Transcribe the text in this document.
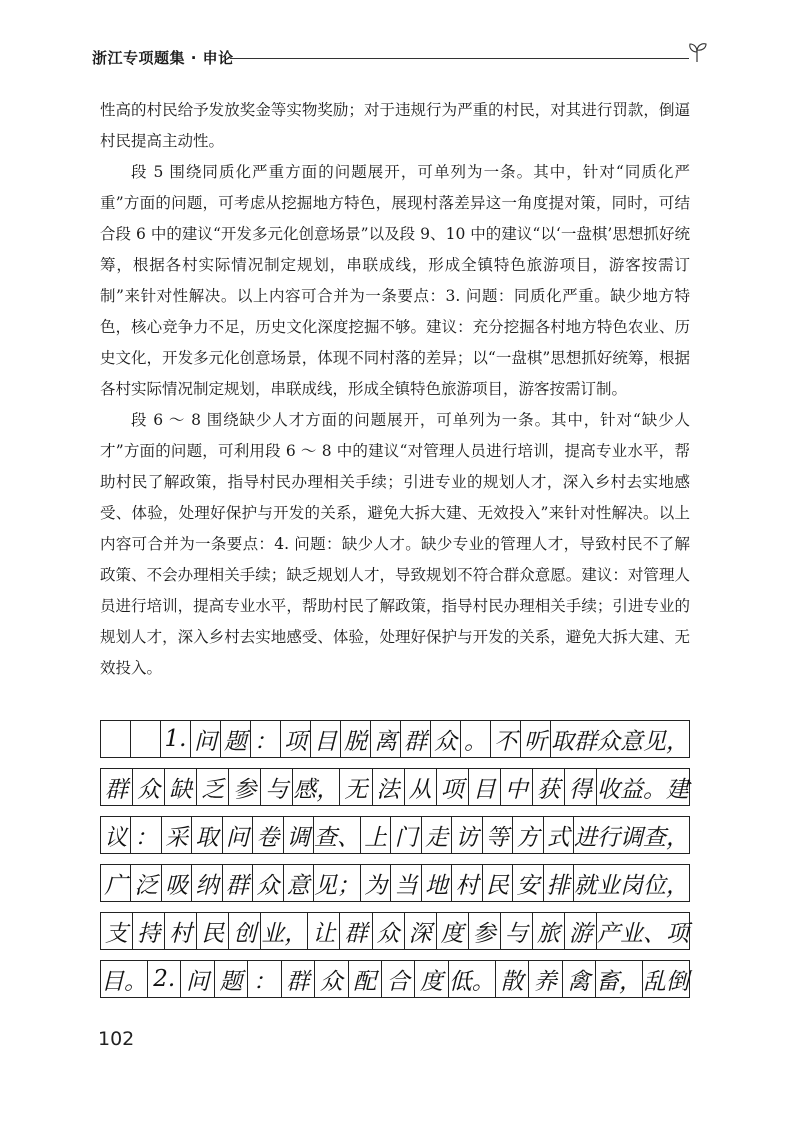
浙江专项题集 · 申论

性高的村民给予发放奖金等实物奖励；对于违规行为严重的村民，对其进行罚款，倒逼村民提高主动性。

段 5 围绕同质化严重方面的问题展开，可单列为一条。其中，针对“同质化严重”方面的问题，可考虑从挖掘地方特色，展现村落差异这一角度提对策，同时，可结合段 6 中的建议“开发多元化创意场景”以及段 9、10 中的建议“以‘一盘棋’思想抓好统筹，根据各村实际情况制定规划，串联成线，形成全镇特色旅游项目，游客按需订制”来针对性解决。以上内容可合并为一条要点：3. 问题：同质化严重。缺少地方特色，核心竞争力不足，历史文化深度挖掘不够。建议：充分挖掘各村地方特色农业、历史文化，开发多元化创意场景，体现不同村落的差异；以“一盘棋”思想抓好统筹，根据各村实际情况制定规划，串联成线，形成全镇特色旅游项目，游客按需订制。

段 6 ～ 8 围绕缺少人才方面的问题展开，可单列为一条。其中，针对“缺少人才”方面的问题，可利用段 6 ～ 8 中的建议“对管理人员进行培训，提高专业水平，帮助村民了解政策，指导村民办理相关手续；引进专业的规划人才，深入乡村去实地感受、体验，处理好保护与开发的关系，避免大拆大建、无效投入”来针对性解决。以上内容可合并为一条要点：4. 问题：缺少人才。缺少专业的管理人才，导致村民不了解政策、不会办理相关手续；缺乏规划人才，导致规划不符合群众意愿。建议：对管理人员进行培训，提高专业水平，帮助村民了解政策，指导村民办理相关手续；引进专业的规划人才，深入乡村去实地感受、体验，处理好保护与开发的关系，避免大拆大建、无效投入。

1. 问 题 ： 项 目 脱 离 群 众 。 不 听 取 群 众 意 见，
群 众 缺 乏 参 与 感， 无 法 从 项 目 中 获 得 收 益。 建
议 ： 采 取 问 卷 调 查、 上 门 走 访 等 方 式 进 行 调 查，
广 泛 吸 纳 群 众 意 见； 为 当 地 村 民 安 排 就 业 岗 位，
支 持 村 民 创 业， 让 群 众 深 度 参 与 旅 游 产 业、 项
目。 2. 问 题 ： 群 众 配 合 度 低。 散 养 禽 畜， 乱 倒
102
